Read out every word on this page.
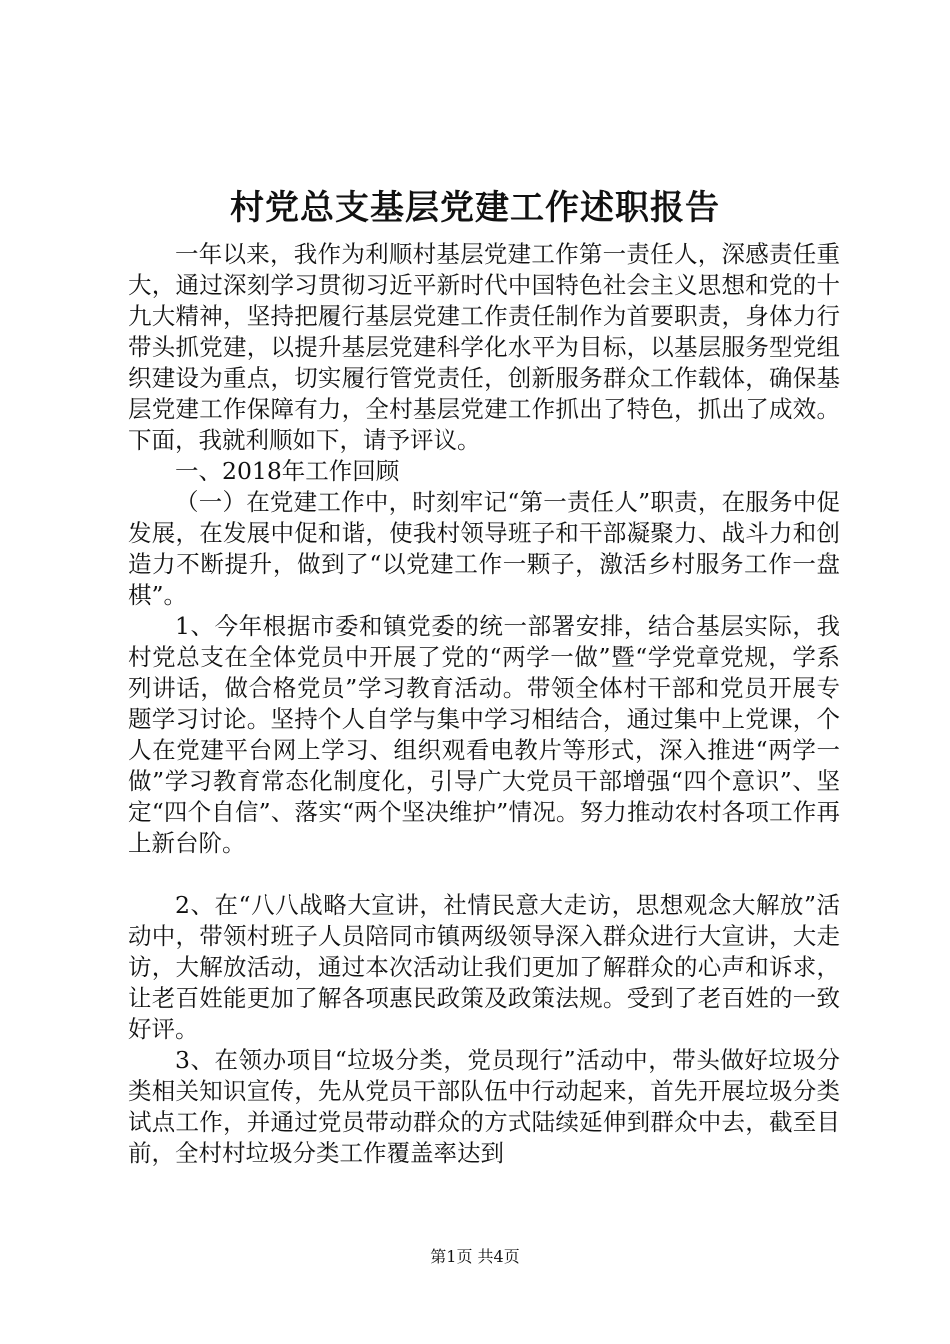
村党总支基层党建工作述职报告

一年以来，我作为利顺村基层党建工作第一责任人，深感责任重大，通过深刻学习贯彻习近平新时代中国特色社会主义思想和党的十九大精神，坚持把履行基层党建工作责任制作为首要职责，身体力行带头抓党建，以提升基层党建科学化水平为目标，以基层服务型党组织建设为重点，切实履行管党责任，创新服务群众工作载体，确保基层党建工作保障有力，全村基层党建工作抓出了特色，抓出了成效。下面，我就利顺如下，请予评议。

一、2018年工作回顾

（一）在党建工作中，时刻牢记“第一责任人”职责，在服务中促发展，在发展中促和谐，使我村领导班子和干部凝聚力、战斗力和创造力不断提升，做到了“以党建工作一颗子，激活乡村服务工作一盘棋”。

1、今年根据市委和镇党委的统一部署安排，结合基层实际，我村党总支在全体党员中开展了党的“两学一做”暨“学党章党规，学系列讲话，做合格党员”学习教育活动。带领全体村干部和党员开展专题学习讨论。坚持个人自学与集中学习相结合，通过集中上党课，个人在党建平台网上学习、组织观看电教片等形式，深入推进“两学一做”学习教育常态化制度化，引导广大党员干部增强“四个意识”、坚定“四个自信”、落实“两个坚决维护”情况。努力推动农村各项工作再上新台阶。

2、在“八八战略大宣讲，社情民意大走访，思想观念大解放”活动中，带领村班子人员陪同市镇两级领导深入群众进行大宣讲，大走访，大解放活动，通过本次活动让我们更加了解群众的心声和诉求，让老百姓能更加了解各项惠民政策及政策法规。受到了老百姓的一致好评。

3、在领办项目“垃圾分类，党员现行”活动中，带头做好垃圾分类相关知识宣传，先从党员干部队伍中行动起来，首先开展垃圾分类试点工作，并通过党员带动群众的方式陆续延伸到群众中去，截至目前，全村村垃圾分类工作覆盖率达到

第1页 共4页
